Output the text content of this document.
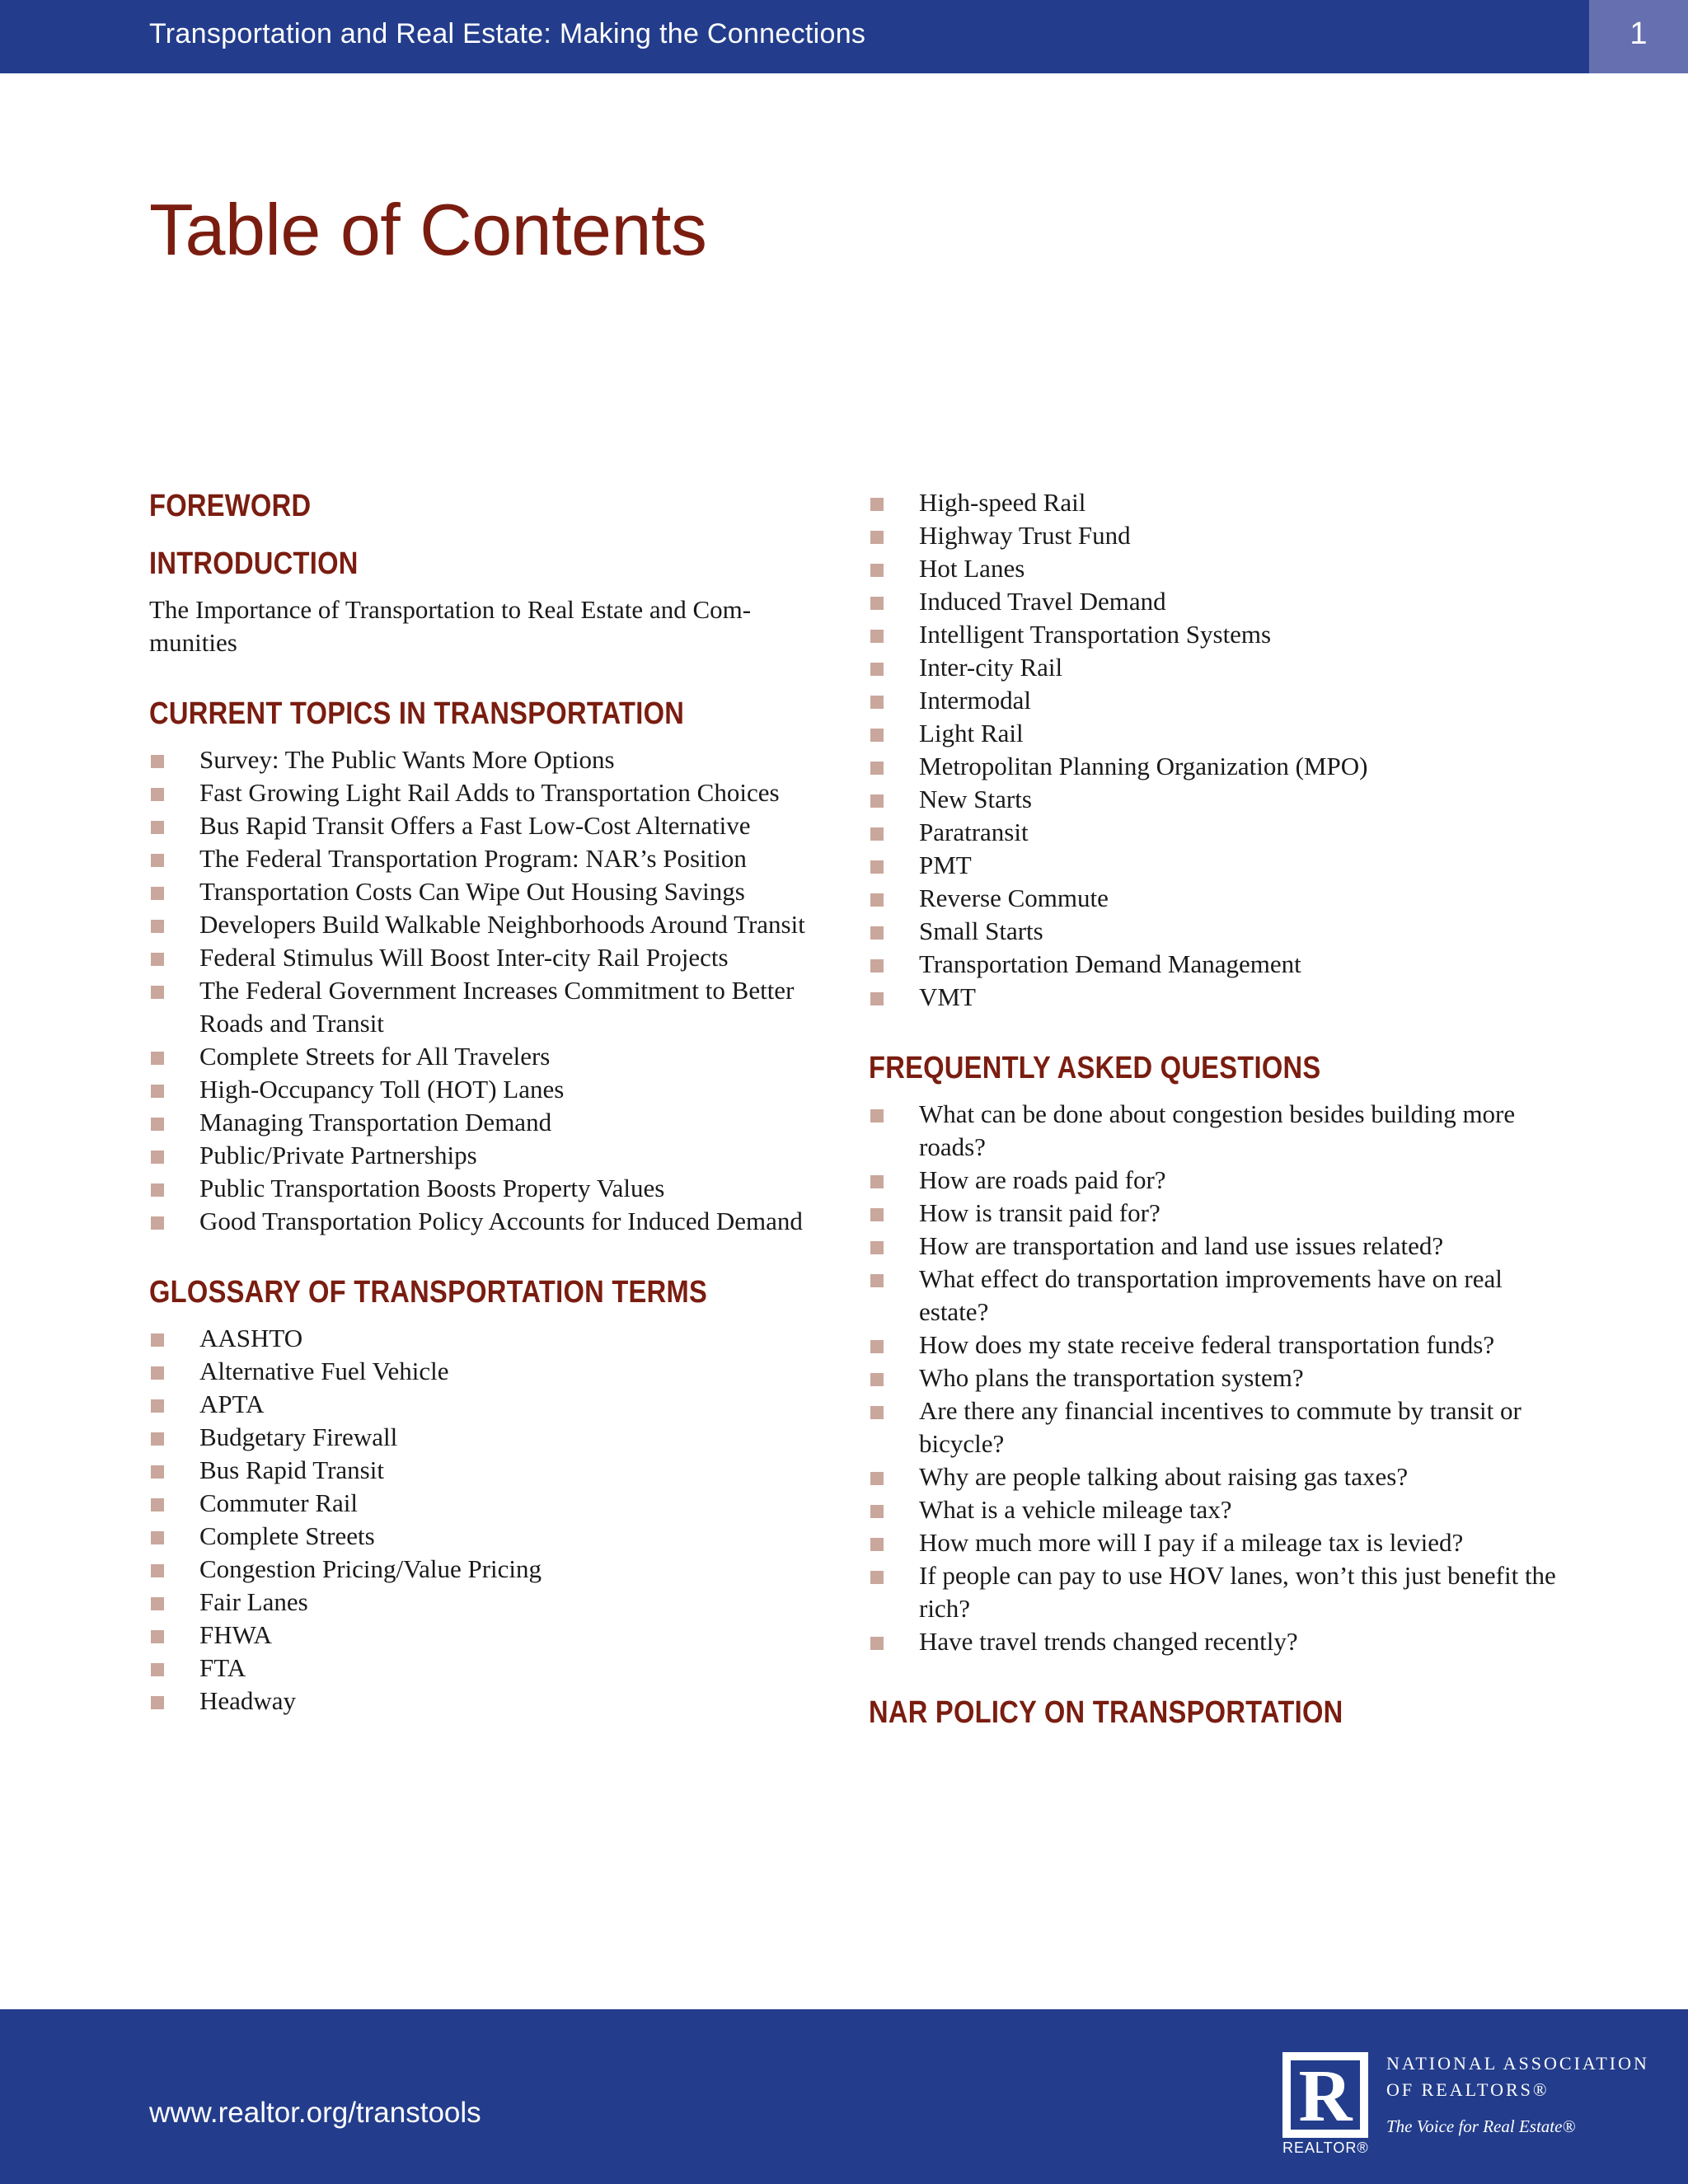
Transportation and Real Estate: Making the Connections	1
Table of Contents
FOREWORD
INTRODUCTION
The Importance of Transportation to Real Estate and Com-munities
CURRENT TOPICS IN TRANSPORTATION
Survey: The Public Wants More Options
Fast Growing Light Rail Adds to Transportation Choices
Bus Rapid Transit Offers a Fast Low-Cost Alternative
The Federal Transportation Program: NAR’s Position
Transportation Costs Can Wipe Out Housing Savings
Developers Build Walkable Neighborhoods Around Transit
Federal Stimulus Will Boost Inter-city Rail Projects
The Federal Government Increases Commitment to Better Roads and Transit
Complete Streets for All Travelers
High-Occupancy Toll (HOT) Lanes
Managing Transportation Demand
Public/Private Partnerships
Public Transportation Boosts Property Values
Good Transportation Policy Accounts for Induced Demand
GLOSSARY OF TRANSPORTATION TERMS
AASHTO
Alternative Fuel Vehicle
APTA
Budgetary Firewall
Bus Rapid Transit
Commuter Rail
Complete Streets
Congestion Pricing/Value Pricing
Fair Lanes
FHWA
FTA
Headway
High-speed Rail
Highway Trust Fund
Hot Lanes
Induced Travel Demand
Intelligent Transportation Systems
Inter-city Rail
Intermodal
Light Rail
Metropolitan Planning Organization (MPO)
New Starts
Paratransit
PMT
Reverse Commute
Small Starts
Transportation Demand Management
VMT
FREQUENTLY ASKED QUESTIONS
What can be done about congestion besides building more roads?
How are roads paid for?
How is transit paid for?
How are transportation and land use issues related?
What effect do transportation improvements have on real estate?
How does my state receive federal transportation funds?
Who plans the transportation system?
Are there any financial incentives to commute by transit or bicycle?
Why are people talking about raising gas taxes?
What is a vehicle mileage tax?
How much more will I pay if a mileage tax is levied?
If people can pay to use HOV lanes, won’t this just benefit the rich?
Have travel trends changed recently?
NAR POLICY ON TRANSPORTATION
www.realtor.org/transtools	R
REALTOR®
NATIONAL ASSOCIATION
OF REALTORS®
The Voice for Real Estate®
